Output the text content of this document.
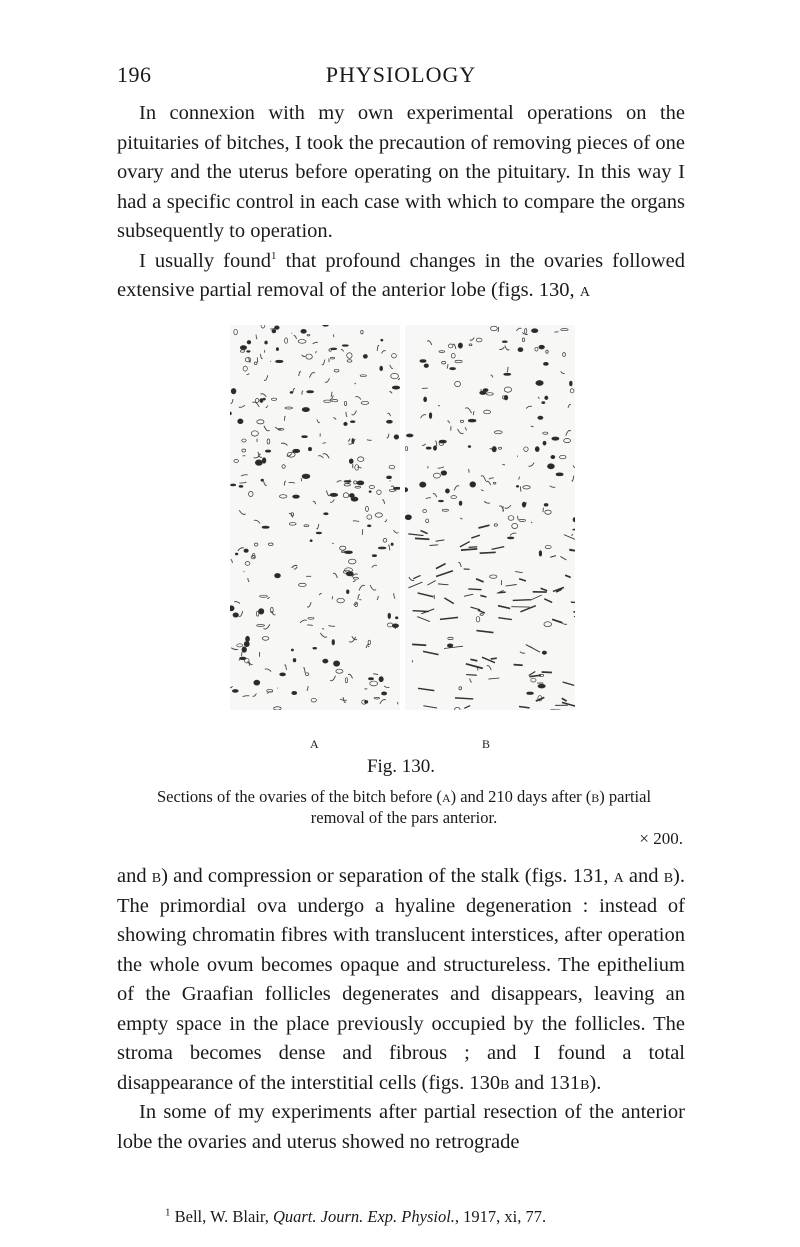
196	PHYSIOLOGY
In connexion with my own experimental operations on the pituitaries of bitches, I took the precaution of removing pieces of one ovary and the uterus before operating on the pituitary. In this way I had a specific control in each case with which to compare the organs subsequently to operation.
I usually found$^1$ that profound changes in the ovaries followed extensive partial removal of the anterior lobe (figs. 130, a
A	B
Fig. 130.
Sections of the ovaries of the bitch before (a) and 210 days after (b) partial removal of the pars anterior.
× 200.
and b) and compression or separation of the stalk (figs. 131, a and b). The primordial ova undergo a hyaline degeneration : instead of showing chromatin fibres with translucent interstices, after operation the whole ovum becomes opaque and structureless. The epithelium of the Graafian follicles degenerates and disappears, leaving an empty space in the place previously occupied by the follicles. The stroma becomes dense and fibrous ; and I found a total disappearance of the interstitial cells (figs. 130b and 131b).
In some of my experiments after partial resection of the anterior lobe the ovaries and uterus showed no retrograde
$^1$ Bell, W. Blair, Quart. Journ. Exp. Physiol., 1917, xi, 77.
